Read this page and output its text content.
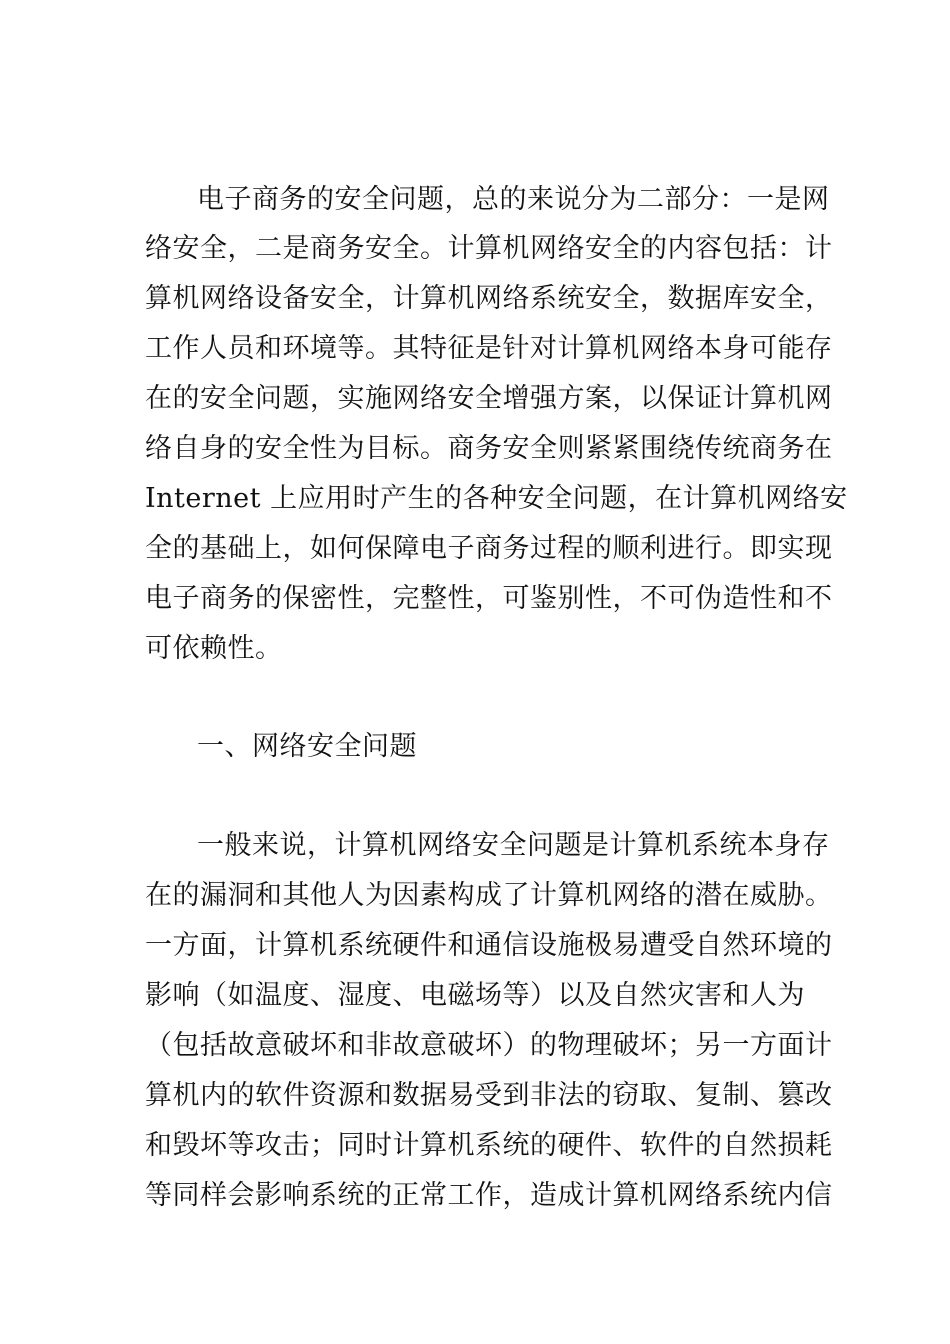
电子商务的安全问题，总的来说分为二部分：一是网
络安全，二是商务安全。计算机网络安全的内容包括：计
算机网络设备安全，计算机网络系统安全，数据库安全，
工作人员和环境等。其特征是针对计算机网络本身可能存
在的安全问题，实施网络安全增强方案，以保证计算机网
络自身的安全性为目标。商务安全则紧紧围绕传统商务在
Internet 上应用时产生的各种安全问题，在计算机网络安
全的基础上，如何保障电子商务过程的顺利进行。即实现
电子商务的保密性，完整性，可鉴别性，不可伪造性和不
可依赖性。
一、网络安全问题
一般来说，计算机网络安全问题是计算机系统本身存
在的漏洞和其他人为因素构成了计算机网络的潜在威胁。
一方面，计算机系统硬件和通信设施极易遭受自然环境的
影响（如温度、湿度、电磁场等）以及自然灾害和人为
（包括故意破坏和非故意破坏）的物理破坏；另一方面计
算机内的软件资源和数据易受到非法的窃取、复制、篡改
和毁坏等攻击；同时计算机系统的硬件、软件的自然损耗
等同样会影响系统的正常工作，造成计算机网络系统内信
